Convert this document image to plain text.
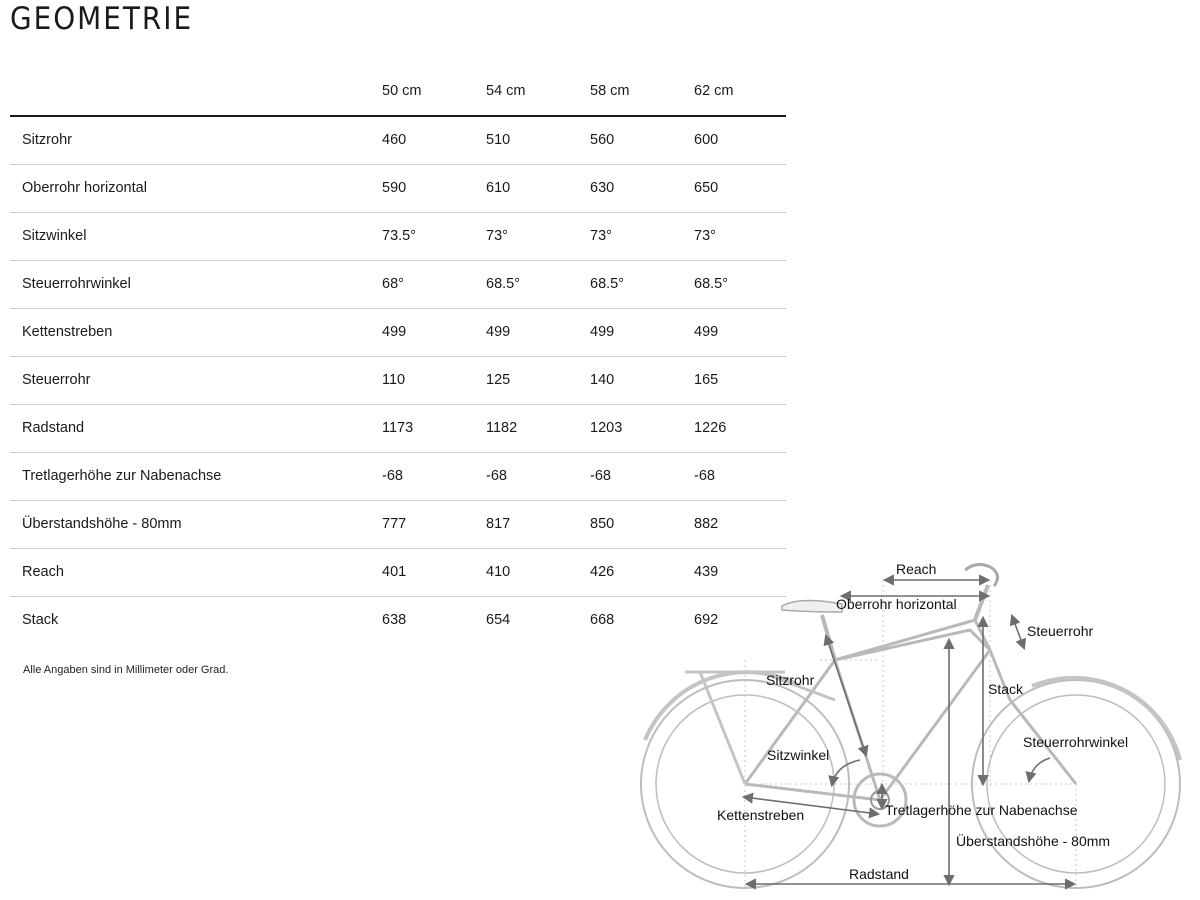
GEOMETRIE
	50 cm	54 cm	58 cm	62 cm
Sitzrohr	460	510	560	600
Oberrohr horizontal	590	610	630	650
Sitzwinkel	73.5°	73°	73°	73°
Steuerrohrwinkel	68°	68.5°	68.5°	68.5°
Kettenstreben	499	499	499	499
Steuerrohr	110	125	140	165
Radstand	1173	1182	1203	1226
Tretlagerhöhe zur Nabenachse	-68	-68	-68	-68
Überstandshöhe - 80mm	777	817	850	882
Reach	401	410	426	439
Stack	638	654	668	692
Alle Angaben sind in Millimeter oder Grad.
Reach
Oberrohr horizontal
Steuerrohr
Sitzrohr
Stack
Steuerrohrwinkel
Sitzwinkel
Tretlagerhöhe zur Nabenachse
Kettenstreben
Überstandshöhe - 80mm
Radstand
